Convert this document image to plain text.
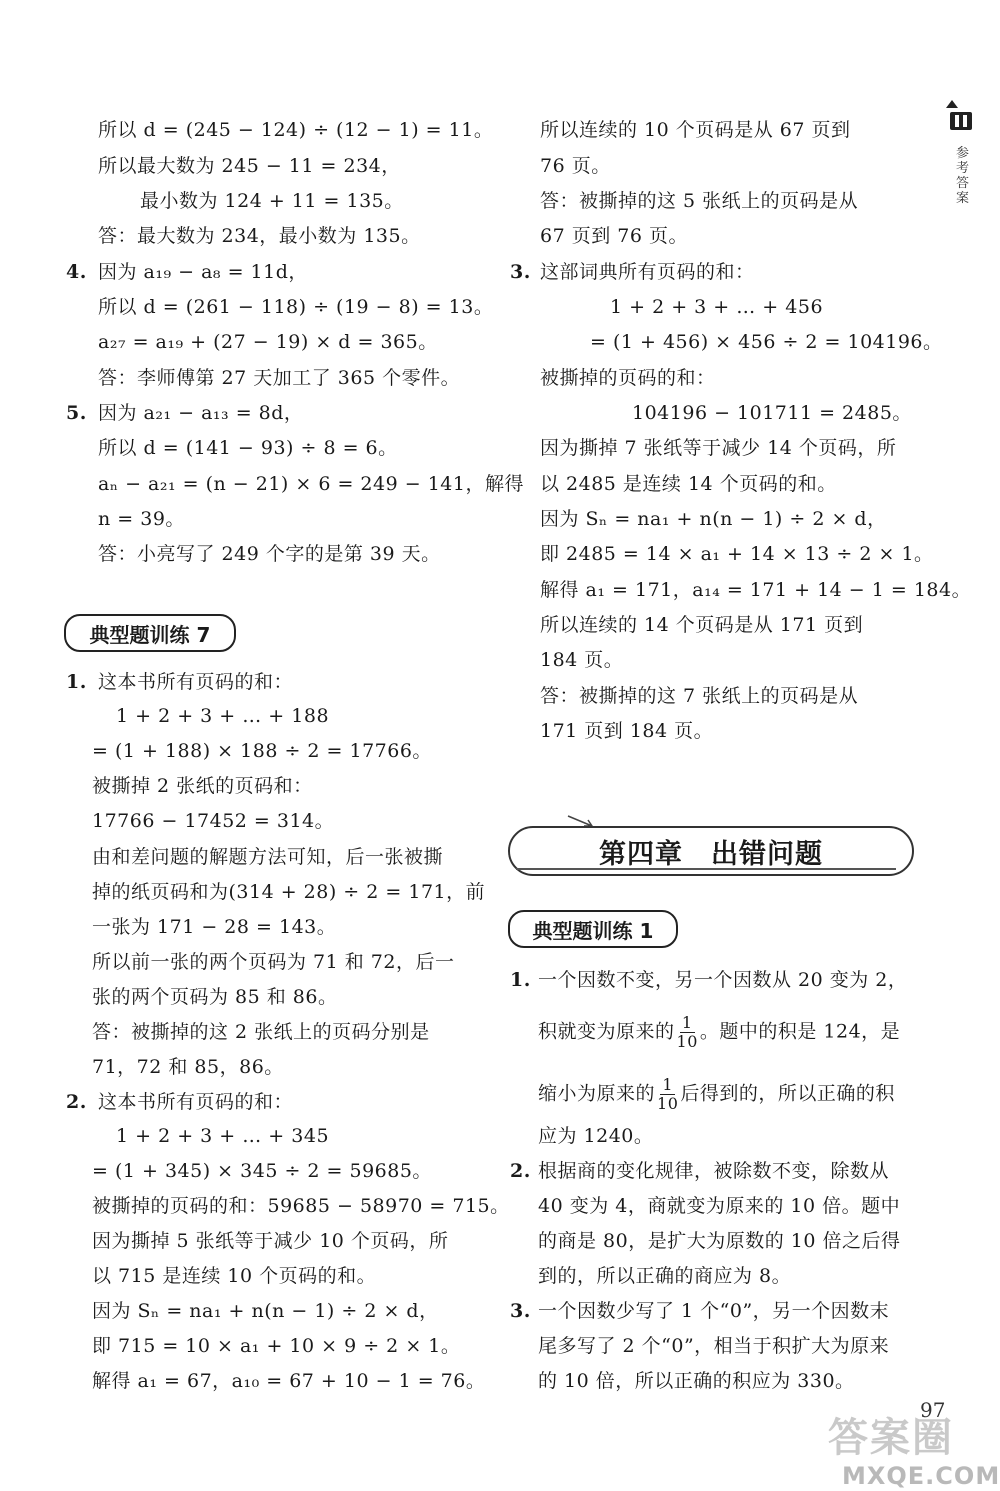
所以 d = (245 − 124) ÷ (12 − 1) = 11。
所以最大数为 245 − 11 = 234，
最小数为 124 + 11 = 135。
答：最大数为 234，最小数为 135。
4. 因为 a₁₉ − a₈ = 11d，
所以 d = (261 − 118) ÷ (19 − 8) = 13。
a₂₇ = a₁₉ + (27 − 19) × d = 365。
答：李师傅第 27 天加工了 365 个零件。
5. 因为 a₂₁ − a₁₃ = 8d，
所以 d = (141 − 93) ÷ 8 = 6。
aₙ − a₂₁ = (n − 21) × 6 = 249 − 141，解得
n = 39。
答：小亮写了 249 个字的是第 39 天。
典型题训练 7
1. 这本书所有页码的和：
1 + 2 + 3 + … + 188
= (1 + 188) × 188 ÷ 2 = 17766。
被撕掉 2 张纸的页码和：
17766 − 17452 = 314。
由和差问题的解题方法可知，后一张被撕
掉的纸页码和为(314 + 28) ÷ 2 = 171，前
一张为 171 − 28 = 143。
所以前一张的两个页码为 71 和 72，后一
张的两个页码为 85 和 86。
答：被撕掉的这 2 张纸上的页码分别是
71，72 和 85，86。
2. 这本书所有页码的和：
1 + 2 + 3 + … + 345
= (1 + 345) × 345 ÷ 2 = 59685。
被撕掉的页码的和：59685 − 58970 = 715。
因为撕掉 5 张纸等于减少 10 个页码，所
以 715 是连续 10 个页码的和。
因为 Sₙ = na₁ + n(n − 1) ÷ 2 × d，
即 715 = 10 × a₁ + 10 × 9 ÷ 2 × 1。
解得 a₁ = 67，a₁₀ = 67 + 10 − 1 = 76。
所以连续的 10 个页码是从 67 页到
76 页。
答：被撕掉的这 5 张纸上的页码是从
67 页到 76 页。
3. 这部词典所有页码的和：
1 + 2 + 3 + … + 456
= (1 + 456) × 456 ÷ 2 = 104196。
被撕掉的页码的和：
104196 − 101711 = 2485。
因为撕掉 7 张纸等于减少 14 个页码，所
以 2485 是连续 14 个页码的和。
因为 Sₙ = na₁ + n(n − 1) ÷ 2 × d，
即 2485 = 14 × a₁ + 14 × 13 ÷ 2 × 1。
解得 a₁ = 171，a₁₄ = 171 + 14 − 1 = 184。
所以连续的 14 个页码是从 171 页到
184 页。
答：被撕掉的这 7 张纸上的页码是从
171 页到 184 页。
第四章　出错问题
典型题训练 1
1. 一个因数不变，另一个因数从 20 变为 2，
积就变为原来的 $\frac{1}{10}$ 。题中的积是 124，是
缩小为原来的 $\frac{1}{10}$ 后得到的，所以正确的积
应为 1240。
2. 根据商的变化规律，被除数不变，除数从
40 变为 4，商就变为原来的 10 倍。题中
的商是 80，是扩大为原数的 10 倍之后得
到的，所以正确的商应为 8。
3. 一个因数少写了 1 个“0”，另一个因数末
尾多写了 2 个“0”，相当于积扩大为原来
的 10 倍，所以正确的积应为 330。
参考答案
97
答案圈
MXQE.COM
